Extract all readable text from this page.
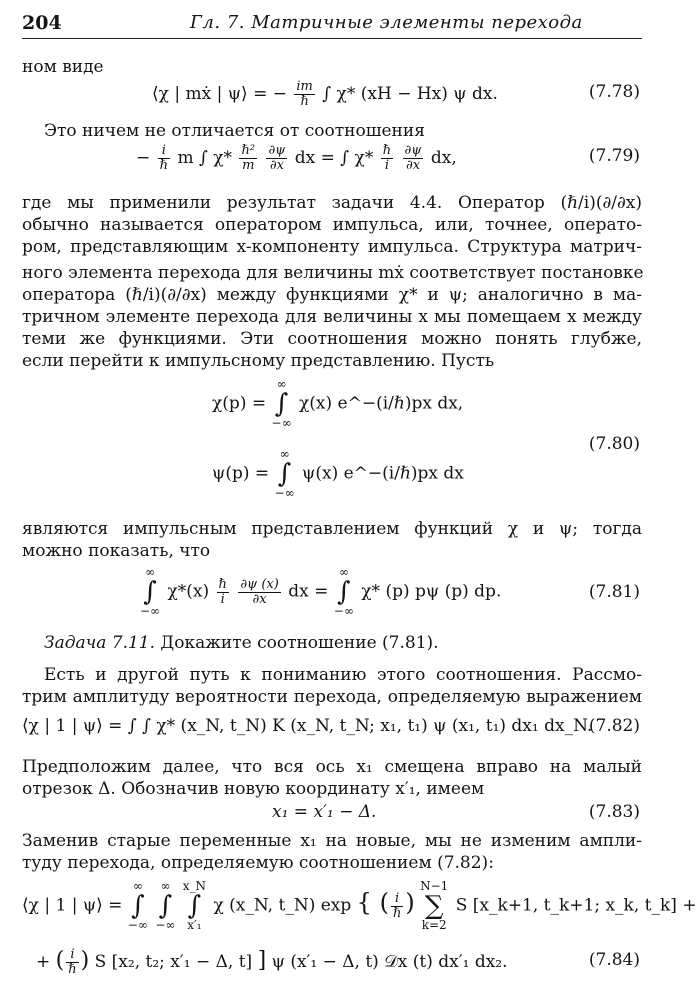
204	Гл. 7. Матричные элементы перехода
ном виде
⟨χ | mẋ | ψ⟩ = − $\frac{im}{\text{ℏ}}$ ∫ χ* (xH − Hx) ψ dx.	(7.78)
Это ничем не отличается от соотношения
− $\frac{i}{\text{ℏ}}$ m ∫ $\chi* \frac{\text{ℏ²}}{m}$
$\frac{\partial\psi}{\partial x}$ dx = ∫ $\chi* \frac{\text{ℏ}}{i}$
$\frac{\partial\psi}{\partial x}$ dx,	(7.79)
где мы применили результат задачи 4.4. Оператор (ℏ/i)(∂/∂x)
обычно называется оператором импульса, или, точнее, операто-
ром, представляющим x-компоненту импульса. Структура матрич-
ного элемента перехода для величины mẋ соответствует постановке
оператора (ℏ/i)(∂/∂x) между функциями χ* и ψ; аналогично в ма-
тричном элементе перехода для величины x мы помещаем x между
теми же функциями. Эти соотношения можно понять глубже,
если перейти к импульсному представлению. Пусть
χ(p) = ∞
∫
−∞ χ(x) e^−(i/ℏ)px dx,
(7.80)
ψ(p) = ∞
∫
−∞ ψ(x) e^−(i/ℏ)px dx
являются импульсным представлением функций χ и ψ; тогда
можно показать, что
∞
∫
−∞ $\chi*(x) \frac{\text{ℏ}}{i}$
$\frac{\partial\psi (x)}{\partial x}$ dx = ∞
∫
−∞ χ* (p) pψ (p) dp.	(7.81)
Задача 7.11. Докажите соотношение (7.81).
Есть и другой путь к пониманию этого соотношения. Рассмо-
трим амплитуду вероятности перехода, определяемую выражением
⟨χ | 1 | ψ⟩ = ∫ ∫ χ* (x_N, t_N) K (x_N, t_N; x₁, t₁) ψ (x₁, t₁) dx₁ dx_N.
(7.82)
Предположим далее, что вся ось x₁ смещена вправо на малый
отрезок Δ. Обозначив новую координату x′₁, имеем
x₁ = x′₁ − Δ.	(7.83)
Заменив старые переменные x₁ на новые, мы не изменим ампли-
туду перехода, определяемую соотношением (7.82):
⟨χ | 1 | ψ⟩ = ∞
∫
−∞ ∞
∫
−∞ x_N
∫
x′₁ χ (x_N, t_N) exp { ( $\frac{i}{\text{ℏ}}$ ) N−1
∑
k=2 S [x_k+1, t_k+1; x_k, t_k] +
+ ( $\frac{i}{\text{ℏ}}$ ) S [x₂, t₂; x′₁ − Δ, t] ] ψ (x′₁ − Δ, t) 𝒟x (t) dx′₁ dx₂.	(7.84)
